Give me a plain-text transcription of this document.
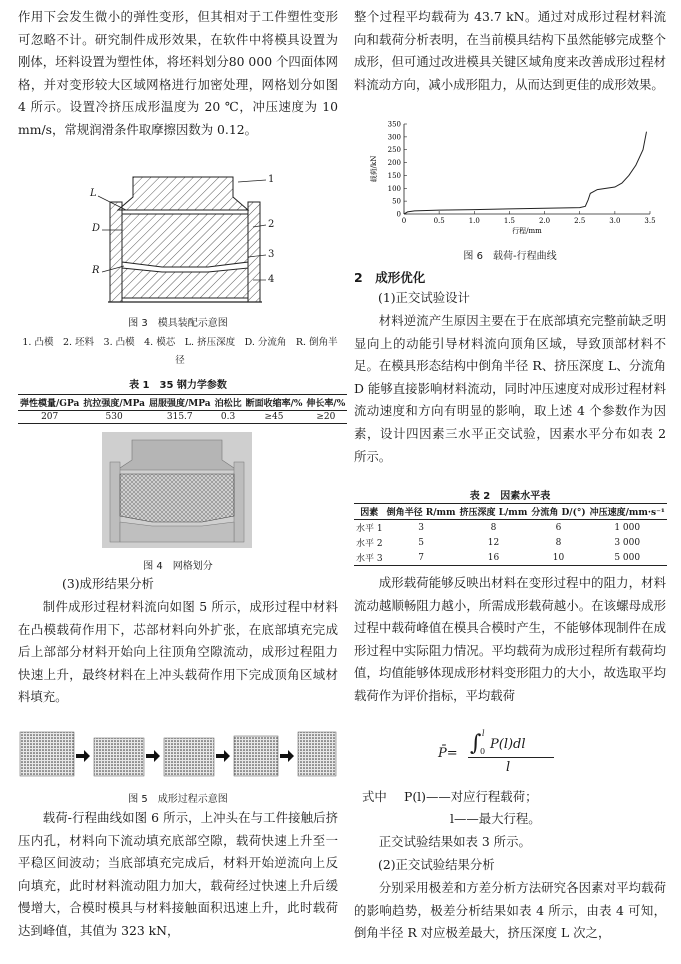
作用下会发生微小的弹性变形，但其相对于工件塑性变形可忽略不计。研究制件成形效果，在软件中将模具设置为刚体，坯料设置为塑性体，将坯料划分80 000 个四面体网格，并对变形较大区域网格进行加密处理，网格划分如图 4 所示。设置冷挤压成形温度为 20 ℃，冲压速度为 10 mm/s，常规润滑条件取摩擦因数为 0.12。

L
D
R
1
2
3
4

图 3　模具装配示意图

1. 凸模　2. 坯料　3. 凸模　4. 模芯　L. 挤压深度　D. 分流角　R. 倒角半径

表 1　35 钢力学参数

弹性模量/GPa	抗拉强度/MPa	屈服强度/MPa	泊松比	断面收缩率/%	伸长率/%
207	530	315.7	0.3	≥45	≥20

图 4　网格划分

(3)成形结果分析

制件成形过程材料流向如图 5 所示，成形过程中材料在凸模载荷作用下，芯部材料向外扩张，在底部填充完成后上部部分材料开始向上往顶角空隙流动，成形过程阻力快速上升，最终材料在上冲头载荷作用下完成顶角区域材料填充。

图 5　成形过程示意图

载荷-行程曲线如图 6 所示，上冲头在与工件接触后挤压内孔，材料向下流动填充底部空隙，载荷快速上升至一平稳区间波动；当底部填充完成后，材料开始逆流向上反向填充，此时材料流动阻力加大，载荷经过快速上升后缓慢增大，合模时模具与材料接触面积迅速上升，此时载荷达到峰值，其值为 323 kN，

整个过程平均载荷为 43.7 kN。通过对成形过程材料流向和载荷分析表明，在当前模具结构下虽然能够完成整个成形，但可通过改进模具关键区域角度来改善成形过程材料流动方向，减小成形阻力，从而达到更佳的成形效果。

0	0.5	1.0	1.5	2.0	2.5	3.0	3.5
0
50
100
150
200
250
300
350
行程/mm
载荷/kN

图 6　载荷-行程曲线

2　成形优化

(1)正交试验设计

材料逆流产生原因主要在于在底部填充完整前缺乏明显向上的动能引导材料流向顶角区域，导致顶部材料不足。在模具形态结构中倒角半径 R、挤压深度 L、分流角 D 能够直接影响材料流动，同时冲压速度对成形过程材料流动速度和方向有明显的影响，取上述 4 个参数作为因素，设计四因素三水平正交试验，因素水平分布如表 2 所示。

表 2　因素水平表

因素	倒角半径 R/mm	挤压深度 L/mm	分流角 D/(°)	冲压速度/mm·s⁻¹
水平 1	3	8	6	1 000
水平 2	5	12	8	3 000
水平 3	7	16	10	5 000

成形载荷能够反映出材料在变形过程中的阻力，材料流动越顺畅阻力越小，所需成形载荷越小。在该螺母成形过程中载荷峰值在模具合模时产生，不能够体现制件在成形过程中实际阻力情况。平均载荷为成形过程所有载荷均值，均值能够体现成形材料变形阻力的大小，故选取平均载荷作为评价指标，平均载荷

P̄= ∫ l
0 P(l)dl
l

式中	P(l)——对应行程载荷；

l——最大行程。

正交试验结果如表 3 所示。

(2)正交试验结果分析

分别采用极差和方差分析方法研究各因素对平均载荷的影响趋势，极差分析结果如表 4 所示，由表 4 可知，倒角半径 R 对应极差最大，挤压深度 L 次之，
